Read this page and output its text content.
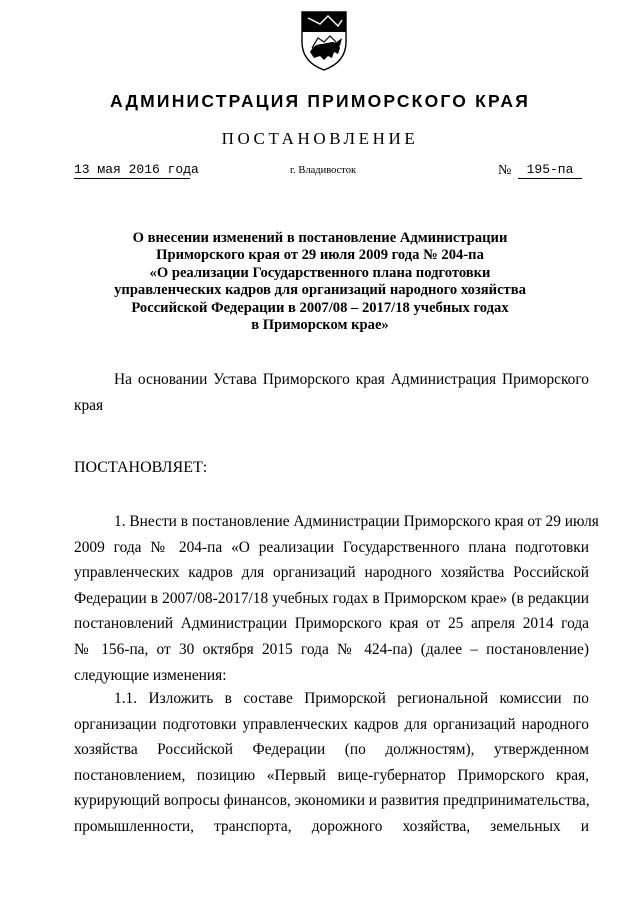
АДМИНИСТРАЦИЯ ПРИМОРСКОГО КРАЯ
ПОСТАНОВЛЕНИЕ
13 мая 2016 года	г. Владивосток	№	195-па
О внесении изменений в постановление Администрации
Приморского края от 29 июля 2009 года № 204-па
«О реализации Государственного плана подготовки
управленческих кадров для организаций народного хозяйства
Российской Федерации в 2007/08 – 2017/18 учебных годах
в Приморском крае»
На основании Устава Приморского края Администрация Приморского
края
ПОСТАНОВЛЯЕТ:
1. Внести в постановление Администрации Приморского края от 29 июля
2009 года № 204-па «О реализации Государственного плана подготовки
управленческих кадров для организаций народного хозяйства Российской
Федерации в 2007/08-2017/18 учебных годах в Приморском крае» (в редакции
постановлений Администрации Приморского края от 25 апреля 2014 года
№ 156-па, от 30 октября 2015 года № 424-па) (далее – постановление)
следующие изменения:
1.1. Изложить в составе Приморской региональной комиссии по
организации подготовки управленческих кадров для организаций народного
хозяйства Российской Федерации (по должностям), утвержденном
постановлением, позицию «Первый вице-губернатор Приморского края,
курирующий вопросы финансов, экономики и развития предпринимательства,
промышленности, транспорта, дорожного хозяйства, земельных и
